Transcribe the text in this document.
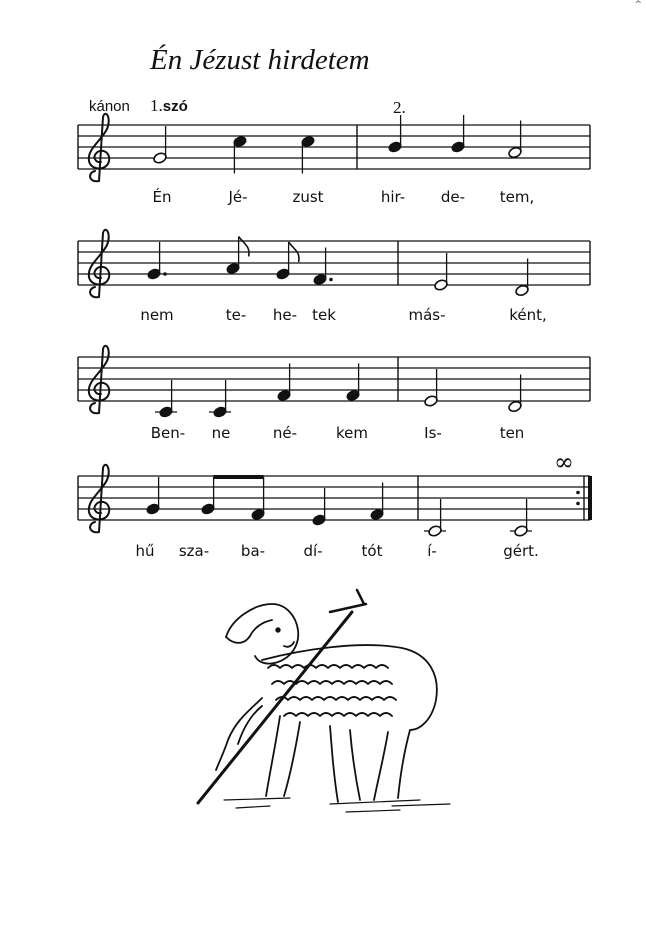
Én Jézust hirdetem
^
kánon 1.szó	2.
Én	Jé-	zust	hir- de- tem,
nem	te- he- tek	más-	ként,
Ben- ne	né-	kem	Is-	ten
∞
hű sza- ba-	dí-	tót	í-	gért.
